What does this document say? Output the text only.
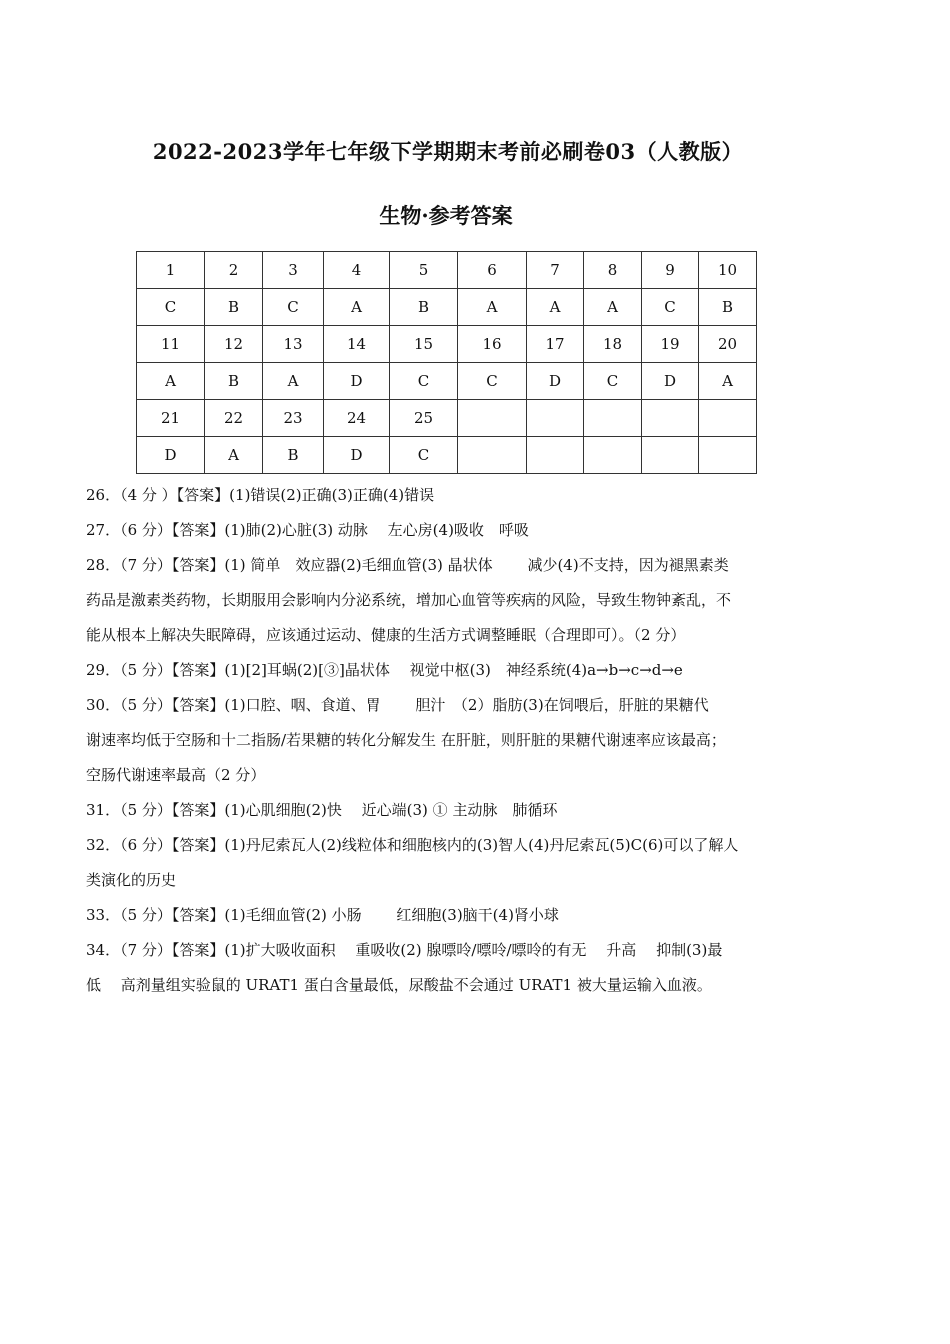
2022-2023学年七年级下学期期末考前必刷卷03（人教版）
生物·参考答案
1	2	3	4	5	6	7	8	9	10
C	B	C	A	B	A	A	A	C	B
11	12	13	14	15	16	17	18	19	20
A	B	A	D	C	C	D	C	D	A
21	22	23	24	25					
D	A	B	D	C					

26．（4 分 ）【答案】(1)错误(2)正确(3)正确(4)错误

27．（6 分）【答案】(1)肺(2)心脏(3) 动脉　 左心房(4)吸收　呼吸

28．（7 分）【答案】(1) 简单　效应器(2)毛细血管(3) 晶状体　　 减少(4)不支持，因为褪黑素类

药品是激素类药物，长期服用会影响内分泌系统，增加心血管等疾病的风险，导致生物钟紊乱，不

能从根本上解决失眠障碍，应该通过运动、健康的生活方式调整睡眠（合理即可）。（2 分）

29．（5 分）【答案】(1)[2]耳蜗(2)[③]晶状体　 视觉中枢(3)　神经系统(4)a→b→c→d→e

30．（5 分）【答案】(1)口腔、咽、食道、胃　　 胆汁　（2）脂肪(3)在饲喂后，肝脏的果糖代

谢速率均低于空肠和十二指肠/若果糖的转化分解发生 在肝脏，则肝脏的果糖代谢速率应该最高；

空肠代谢速率最高（2 分）

31．（5 分）【答案】(1)心肌细胞(2)快　 近心端(3) ① 主动脉　肺循环

32．（6 分）【答案】(1)丹尼索瓦人(2)线粒体和细胞核内的(3)智人(4)丹尼索瓦(5)C(6)可以了解人

类演化的历史

33．（5 分）【答案】(1)毛细血管(2) 小肠　　 红细胞(3)脑干(4)肾小球

34．（7 分）【答案】(1)扩大吸收面积　 重吸收(2) 腺嘌呤/嘌呤/嘌呤的有无　 升高　 抑制(3)最

低　 高剂量组实验鼠的 URAT1 蛋白含量最低，尿酸盐不会通过 URAT1 被大量运输入血液。
